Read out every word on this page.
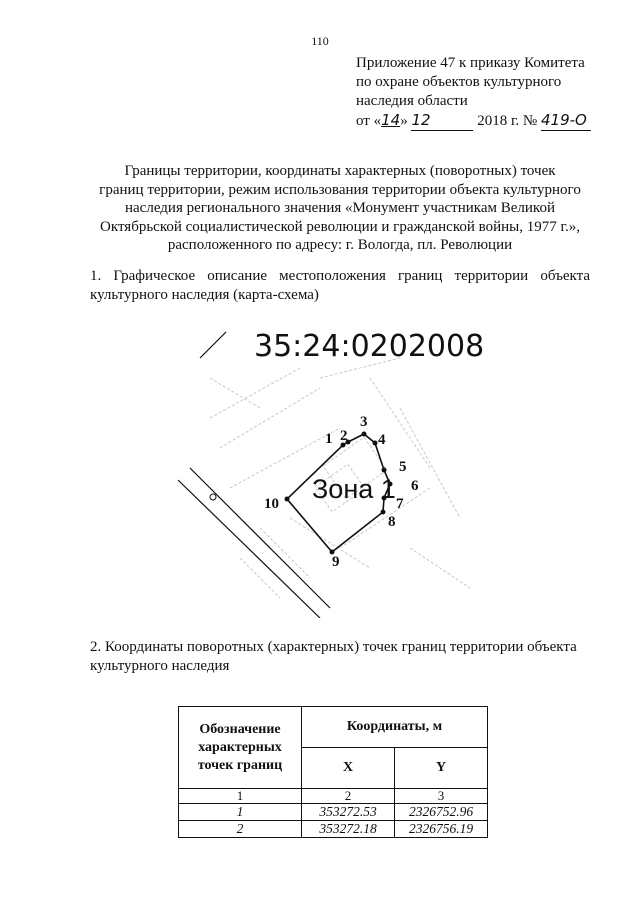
110
Приложение 47 к приказу Комитета
по охране объектов культурного
наследия области
от «14» 12	2018 г. № 419-О
Границы территории, координаты характерных (поворотных) точек
границ территории, режим использования территории объекта культурного
наследия регионального значения «Монумент участникам Великой
Октябрьской социалистической революции и гражданской войны, 1977 г.»,
расположенного по адресу: г. Вологда, пл. Революции
1. Графическое описание местоположения границ территории объекта
культурного наследия (карта-схема)
35:24:0202008
Зона 1
1 2
3
4
5
6
7
8
9
10
2. Координаты поворотных (характерных) точек границ территории объекта
культурного наследия
Обозначение характерных точек границ	Координаты, м	
	X	Y
1	2	3
1	353272.53	2326752.96
2	353272.18	2326756.19
